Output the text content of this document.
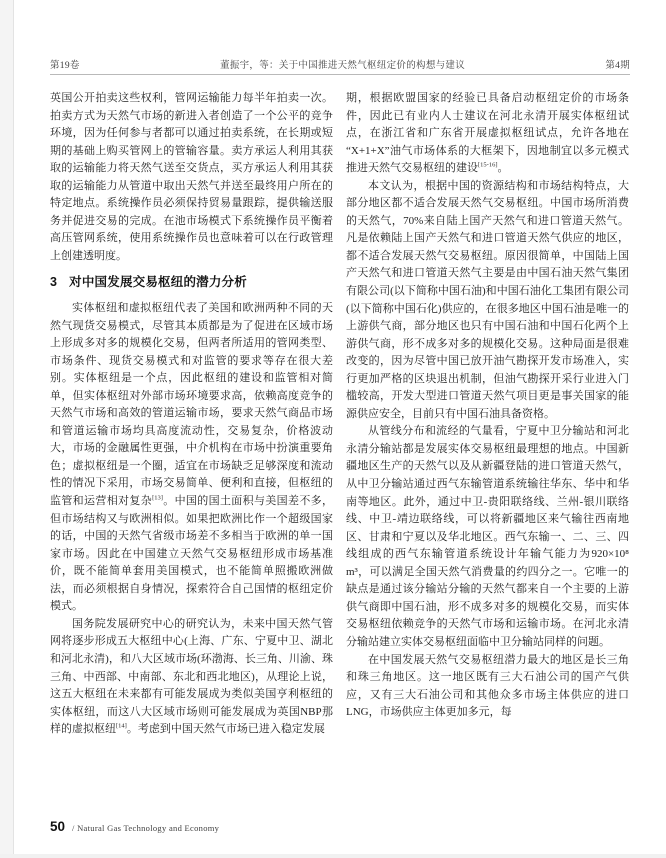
第19卷	董振宇，等：关于中国推进天然气枢纽定价的构想与建议	第4期

英国公开拍卖这些权利，管网运输能力每半年拍卖一次。拍卖方式为天然气市场的新进入者创造了一个公平的竞争环境，因为任何参与者都可以通过拍卖系统，在长期或短期的基础上购买管网上的管输容量。卖方承运人利用其获取的运输能力将天然气送至交货点，买方承运人利用其获取的运输能力从管道中取出天然气并送至最终用户所在的特定地点。系统操作员必须保持贸易量跟踪，提供输送服务并促进交易的完成。在池市场模式下系统操作员平衡着高压管网系统，使用系统操作员也意味着可以在行政管理上创建透明度。

3 对中国发展交易枢纽的潜力分析

实体枢纽和虚拟枢纽代表了美国和欧洲两种不同的天然气现货交易模式，尽管其本质都是为了促进在区域市场上形成多对多的规模化交易，但两者所适用的管网类型、市场条件、现货交易模式和对监管的要求等存在很大差别。实体枢纽是一个点，因此枢纽的建设和监管相对简单，但实体枢纽对外部市场环境要求高，依赖高度竞争的天然气市场和高效的管道运输市场，要求天然气商品市场和管道运输市场均具高度流动性，交易复杂，价格波动大，市场的金融属性更强，中介机构在市场中扮演重要角色；虚拟枢纽是一个圈，适宜在市场缺乏足够深度和流动性的情况下采用，市场交易简单、便利和直接，但枢纽的监管和运营相对复杂[13]。中国的国土面积与美国差不多，但市场结构又与欧洲相似。如果把欧洲比作一个超级国家的话，中国的天然气省级市场差不多相当于欧洲的单一国家市场。因此在中国建立天然气交易枢纽形成市场基准价，既不能简单套用美国模式，也不能简单照搬欧洲做法，而必须根据自身情况，探索符合自己国情的枢纽定价模式。

国务院发展研究中心的研究认为，未来中国天然气管网将逐步形成五大枢纽中心(上海、广东、宁夏中卫、湖北和河北永清)，和八大区域市场(环渤海、长三角、川渝、珠三角、中西部、中南部、东北和西北地区)，从理论上说，这五大枢纽在未来都有可能发展成为类似美国亨利枢纽的实体枢纽，而这八大区域市场则可能发展成为英国NBP那样的虚拟枢纽[14]。考虑到中国天然气市场已进入稳定发展

期，根据欧盟国家的经验已具备启动枢纽定价的市场条件，因此已有业内人士建议在河北永清开展实体枢纽试点，在浙江省和广东省开展虚拟枢纽试点，允许各地在“X+1+X”油气市场体系的大框架下，因地制宜以多元模式推进天然气交易枢纽的建设[15-16]。

本文认为，根据中国的资源结构和市场结构特点，大部分地区都不适合发展天然气交易枢纽。中国市场所消费的天然气，70%来自陆上国产天然气和进口管道天然气。凡是依赖陆上国产天然气和进口管道天然气供应的地区，都不适合发展天然气交易枢纽。原因很简单，中国陆上国产天然气和进口管道天然气主要是由中国石油天然气集团有限公司(以下简称中国石油)和中国石油化工集团有限公司(以下简称中国石化)供应的，在很多地区中国石油是唯一的上游供气商，部分地区也只有中国石油和中国石化两个上游供气商，形不成多对多的规模化交易。这种局面是很难改变的，因为尽管中国已放开油气勘探开发市场准入，实行更加严格的区块退出机制，但油气勘探开采行业进入门槛较高，开发大型进口管道天然气项目更是事关国家的能源供应安全，目前只有中国石油具备资格。

从管线分布和流经的气量看，宁夏中卫分输站和河北永清分输站都是发展实体交易枢纽最理想的地点。中国新疆地区生产的天然气以及从新疆登陆的进口管道天然气，从中卫分输站通过西气东输管道系统输往华东、华中和华南等地区。此外，通过中卫-贵阳联络线、兰州-银川联络线、中卫-靖边联络线，可以将新疆地区来气输往西南地区、甘肃和宁夏以及华北地区。西气东输一、二、三、四线组成的西气东输管道系统设计年输气能力为920×10⁸ m³，可以满足全国天然气消费量的约四分之一。它唯一的缺点是通过该分输站分输的天然气都来自一个主要的上游供气商即中国石油，形不成多对多的规模化交易，而实体交易枢纽依赖竞争的天然气市场和运输市场。在河北永清分输站建立实体交易枢纽面临中卫分输站同样的问题。

在中国发展天然气交易枢纽潜力最大的地区是长三角和珠三角地区。这一地区既有三大石油公司的国产气供应，又有三大石油公司和其他众多市场主体供应的进口LNG，市场供应主体更加多元，每

50 / Natural Gas Technology and Economy
